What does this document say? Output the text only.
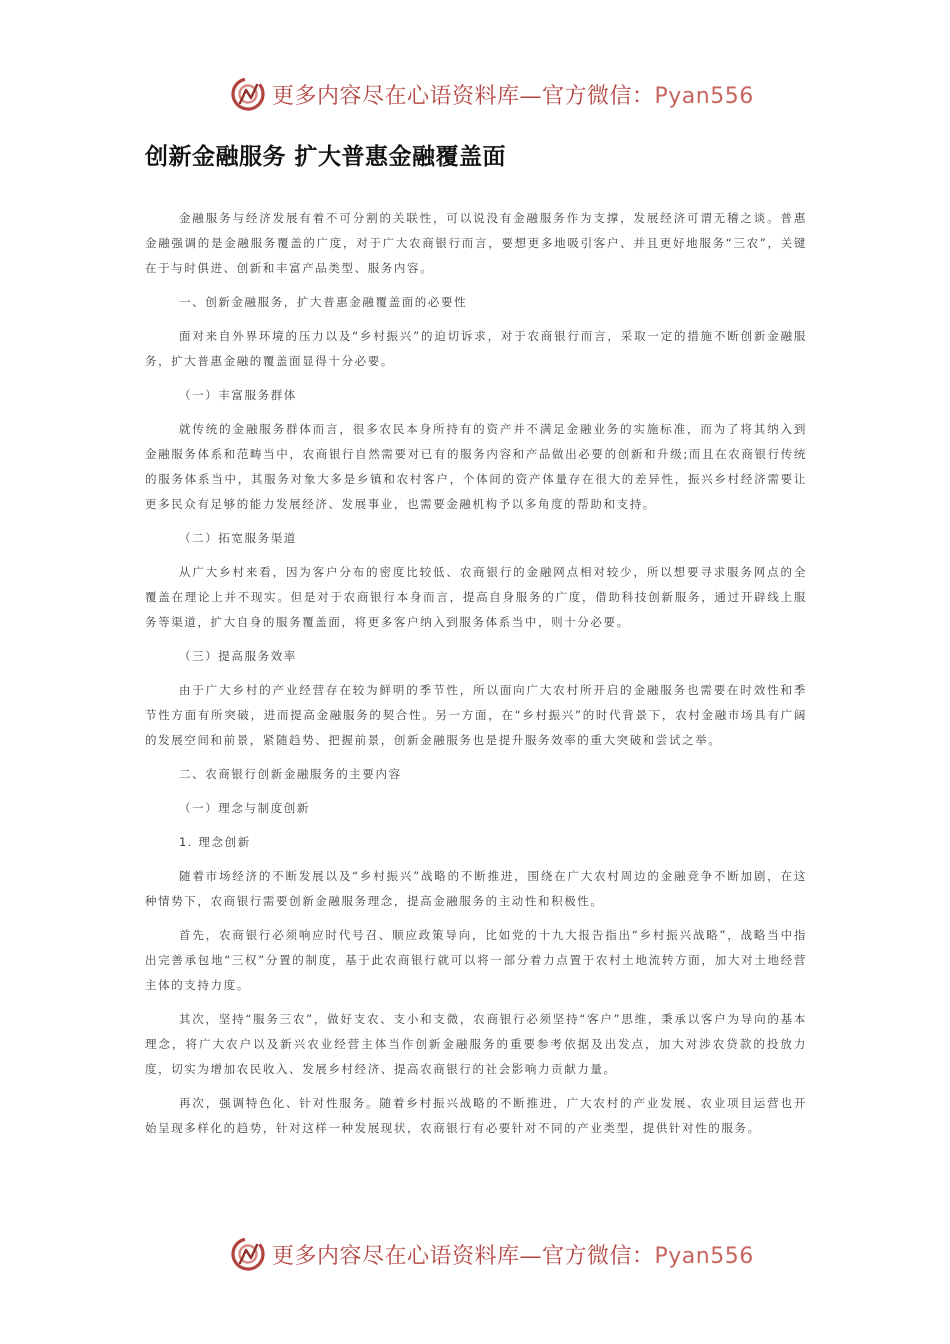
更多内容尽在心语资料库—官方微信：Pyan556
创新金融服务 扩大普惠金融覆盖面

金融服务与经济发展有着不可分割的关联性，可以说没有金融服务作为支撑，发展经济可谓无稽之谈。普惠金融强调的是金融服务覆盖的广度，对于广大农商银行而言，要想更多地吸引客户、并且更好地服务“三农”，关键在于与时俱进、创新和丰富产品类型、服务内容。

一、创新金融服务，扩大普惠金融覆盖面的必要性

面对来自外界环境的压力以及“乡村振兴”的迫切诉求，对于农商银行而言，采取一定的措施不断创新金融服务，扩大普惠金融的覆盖面显得十分必要。

（一）丰富服务群体

就传统的金融服务群体而言，很多农民本身所持有的资产并不满足金融业务的实施标准，而为了将其纳入到金融服务体系和范畴当中，农商银行自然需要对已有的服务内容和产品做出必要的创新和升级;而且在农商银行传统的服务体系当中，其服务对象大多是乡镇和农村客户，个体间的资产体量存在很大的差异性，振兴乡村经济需要让更多民众有足够的能力发展经济、发展事业，也需要金融机构予以多角度的帮助和支持。

（二）拓宽服务渠道

从广大乡村来看，因为客户分布的密度比较低、农商银行的金融网点相对较少，所以想要寻求服务网点的全覆盖在理论上并不现实。但是对于农商银行本身而言，提高自身服务的广度，借助科技创新服务，通过开辟线上服务等渠道，扩大自身的服务覆盖面，将更多客户纳入到服务体系当中，则十分必要。

（三）提高服务效率

由于广大乡村的产业经营存在较为鲜明的季节性，所以面向广大农村所开启的金融服务也需要在时效性和季节性方面有所突破，进而提高金融服务的契合性。另一方面，在“乡村振兴”的时代背景下，农村金融市场具有广阔的发展空间和前景，紧随趋势、把握前景，创新金融服务也是提升服务效率的重大突破和尝试之举。

二、农商银行创新金融服务的主要内容

（一）理念与制度创新

1. 理念创新

随着市场经济的不断发展以及“乡村振兴”战略的不断推进，围绕在广大农村周边的金融竞争不断加剧，在这种情势下，农商银行需要创新金融服务理念，提高金融服务的主动性和积极性。

首先，农商银行必须响应时代号召、顺应政策导向，比如党的十九大报告指出“乡村振兴战略”，战略当中指出完善承包地“三权”分置的制度，基于此农商银行就可以将一部分着力点置于农村土地流转方面，加大对土地经营主体的支持力度。

其次，坚持“服务三农”，做好支农、支小和支微，农商银行必须坚持“客户”思维，秉承以客户为导向的基本理念，将广大农户以及新兴农业经营主体当作创新金融服务的重要参考依据及出发点，加大对涉农贷款的投放力度，切实为增加农民收入、发展乡村经济、提高农商银行的社会影响力贡献力量。

再次，强调特色化、针对性服务。随着乡村振兴战略的不断推进，广大农村的产业发展、农业项目运营也开始呈现多样化的趋势，针对这样一种发展现状，农商银行有必要针对不同的产业类型，提供针对性的服务。

更多内容尽在心语资料库—官方微信：Pyan556
